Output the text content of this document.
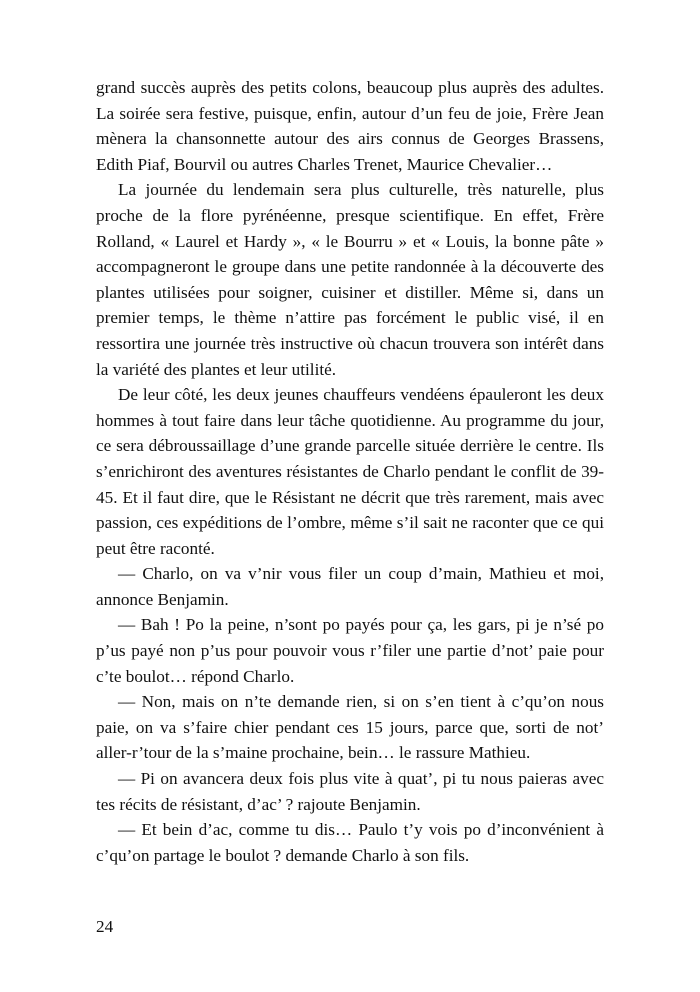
grand succès auprès des petits colons, beaucoup plus auprès des adultes. La soirée sera festive, puisque, enfin, autour d’un feu de joie, Frère Jean mènera la chansonnette autour des airs connus de Georges Brassens, Edith Piaf, Bourvil ou autres Charles Trenet, Maurice Chevalier…

La journée du lendemain sera plus culturelle, très naturelle, plus proche de la flore pyrénéenne, presque scientifique. En effet, Frère Rolland, « Laurel et Hardy », « le Bourru » et « Louis, la bonne pâte » accompagneront le groupe dans une petite randonnée à la découverte des plantes utilisées pour soigner, cuisiner et distiller. Même si, dans un premier temps, le thème n’attire pas forcément le public visé, il en ressortira une journée très instructive où chacun trouvera son intérêt dans la variété des plantes et leur utilité.

De leur côté, les deux jeunes chauffeurs vendéens épauleront les deux hommes à tout faire dans leur tâche quotidienne. Au programme du jour, ce sera débroussaillage d’une grande parcelle située derrière le centre. Ils s’enrichiront des aventures résistantes de Charlo pendant le conflit de 39-45. Et il faut dire, que le Résistant ne décrit que très rarement, mais avec passion, ces expéditions de l’ombre, même s’il sait ne raconter que ce qui peut être raconté.

— Charlo, on va v’nir vous filer un coup d’main, Mathieu et moi, annonce Benjamin.

— Bah ! Po la peine, n’sont po payés pour ça, les gars, pi je n’sé po p’us payé non p’us pour pouvoir vous r’filer une partie d’not’ paie pour c’te boulot… répond Charlo.

— Non, mais on n’te demande rien, si on s’en tient à c’qu’on nous paie, on va s’faire chier pendant ces 15 jours, parce que, sorti de not’ aller-r’tour de la s’maine prochaine, bein… le rassure Mathieu.

— Pi on avancera deux fois plus vite à quat’, pi tu nous paieras avec tes récits de résistant, d’ac’ ? rajoute Benjamin.

— Et bein d’ac, comme tu dis… Paulo t’y vois po d’inconvénient à c’qu’on partage le boulot ? demande Charlo à son fils.

24
